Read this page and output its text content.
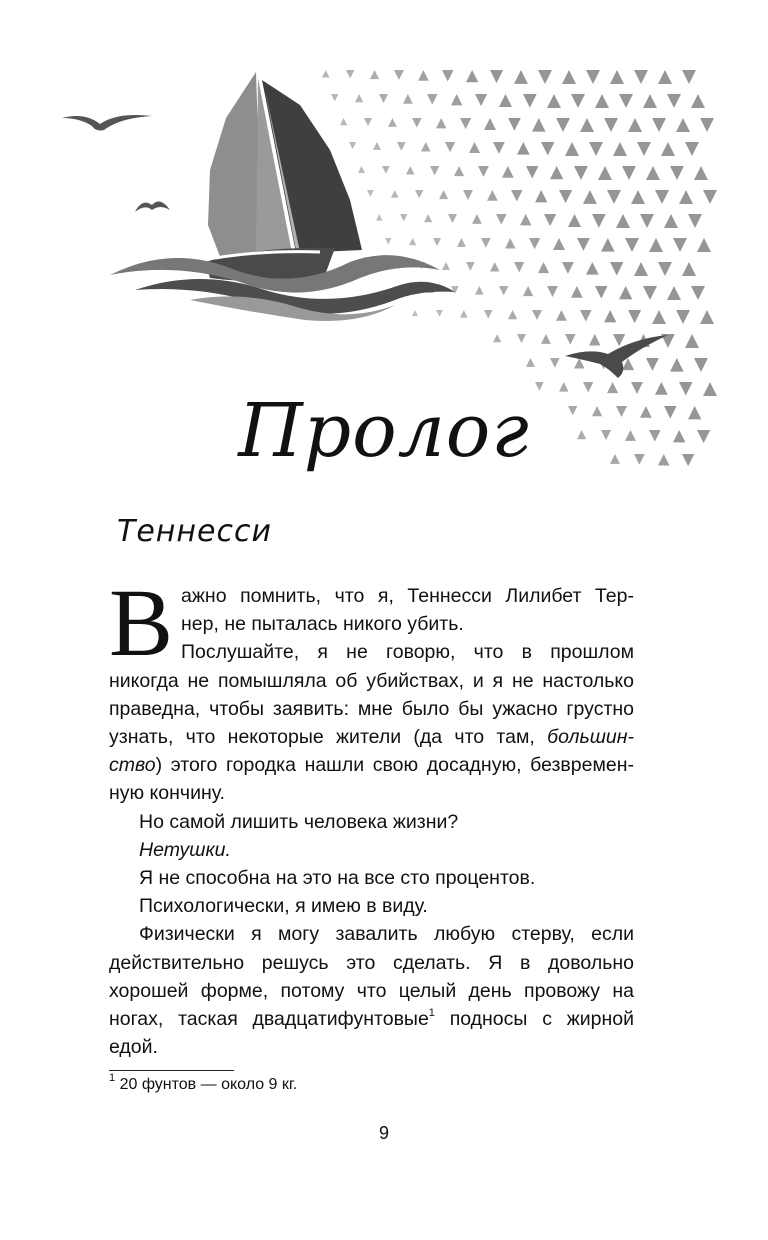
Пролог
Теннесси

В ажно помнить, что я, Теннесси Лилибет Тер-
нер, не пыталась никого убить.
Послушайте, я не говорю, что в прошлом
никогда не помышляла об убийствах, и я не настолько
праведна, чтобы заявить: мне было бы ужасно грустно
узнать, что некоторые жители (да что там, большин-
ство) этого городка нашли свою досадную, безвремен-
ную кончину.

Но самой лишить человека жизни?

Нетушки.

Я не способна на это на все сто процентов.

Психологически, я имею в виду.

Физически я могу завалить любую стерву, если
действительно решусь это сделать. Я в довольно
хорошей форме, потому что целый день провожу на
ногах, таская двадцатифунтовые$^1$ подносы с жирной
едой.

$^1$ 20 фунтов — около 9 кг.
9
